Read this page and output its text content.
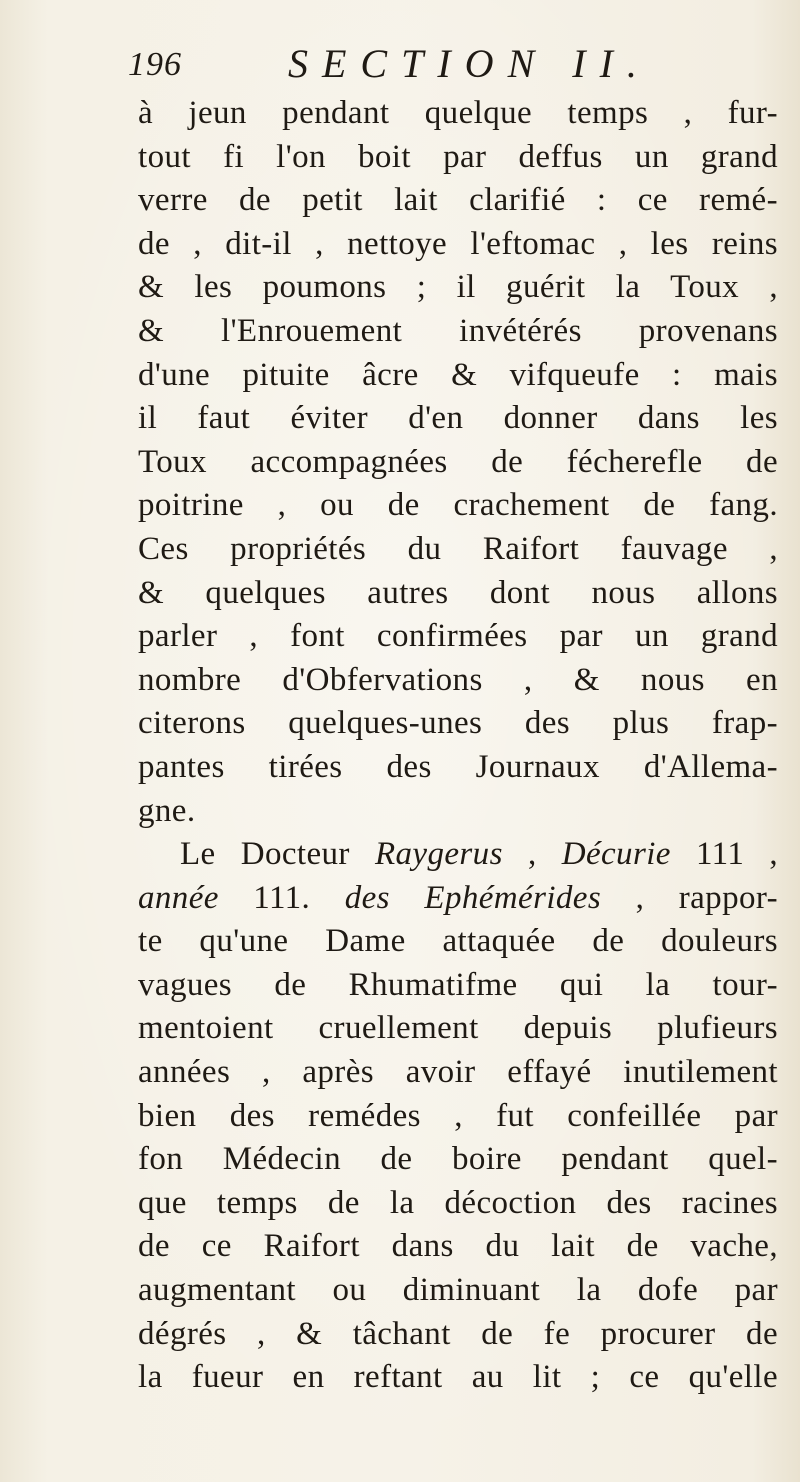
196	SECTION II.
à jeun pendant quelque temps , fur-
tout fi l'on boit par deffus un grand
verre de petit lait clarifié : ce remé-
de , dit-il , nettoye l'eftomac , les reins
& les poumons ; il guérit la Toux ,
& l'Enrouement invétérés provenans
d'une pituite âcre & vifqueufe : mais
il faut éviter d'en donner dans les
Toux accompagnées de fécherefle de
poitrine , ou de crachement de fang.
Ces propriétés du Raifort fauvage ,
& quelques autres dont nous allons
parler , font confirmées par un grand
nombre d'Obfervations , & nous en
citerons quelques-unes des plus frap-
pantes tirées des Journaux d'Allema-
gne.
Le Docteur Raygerus , Décurie 111 ,
année 111. des Ephémérides , rappor-
te qu'une Dame attaquée de douleurs
vagues de Rhumatifme qui la tour-
mentoient cruellement depuis plufieurs
années , après avoir effayé inutilement
bien des remédes , fut confeillée par
fon Médecin de boire pendant quel-
que temps de la décoction des racines
de ce Raifort dans du lait de vache,
augmentant ou diminuant la dofe par
dégrés , & tâchant de fe procurer de
la fueur en reftant au lit ; ce qu'elle
